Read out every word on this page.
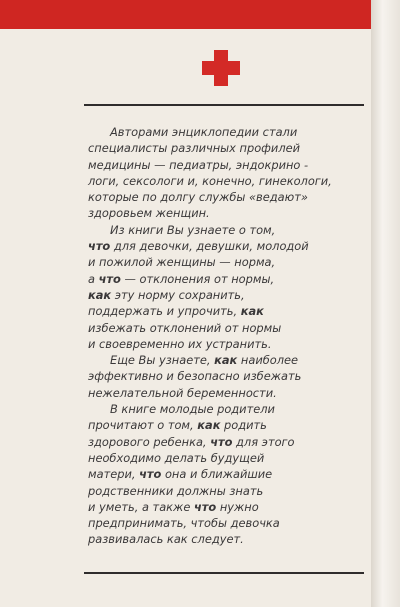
Авторами энциклопедии стали
специалисты различных профилей
медицины — педиатры, эндокрино -
логи, сексологи и, конечно, гинекологи,
которые по долгу службы «ведают»
здоровьем женщин.

Из книги Вы узнаете о том,
что для девочки, девушки, молодой
и пожилой женщины — норма,
а что — отклонения от нормы,
как эту норму сохранить,
поддержать и упрочить, как
избежать отклонений от нормы
и своевременно их устранить.

Еще Вы узнаете, как наиболее
эффективно и безопасно избежать
нежелательной беременности.

В книге молодые родители
прочитают о том, как родить
здорового ребенка, что для этого
необходимо делать будущей
матери, что она и ближайшие
родственники должны знать
и уметь, а также что нужно
предпринимать, чтобы девочка
развивалась как следует.
